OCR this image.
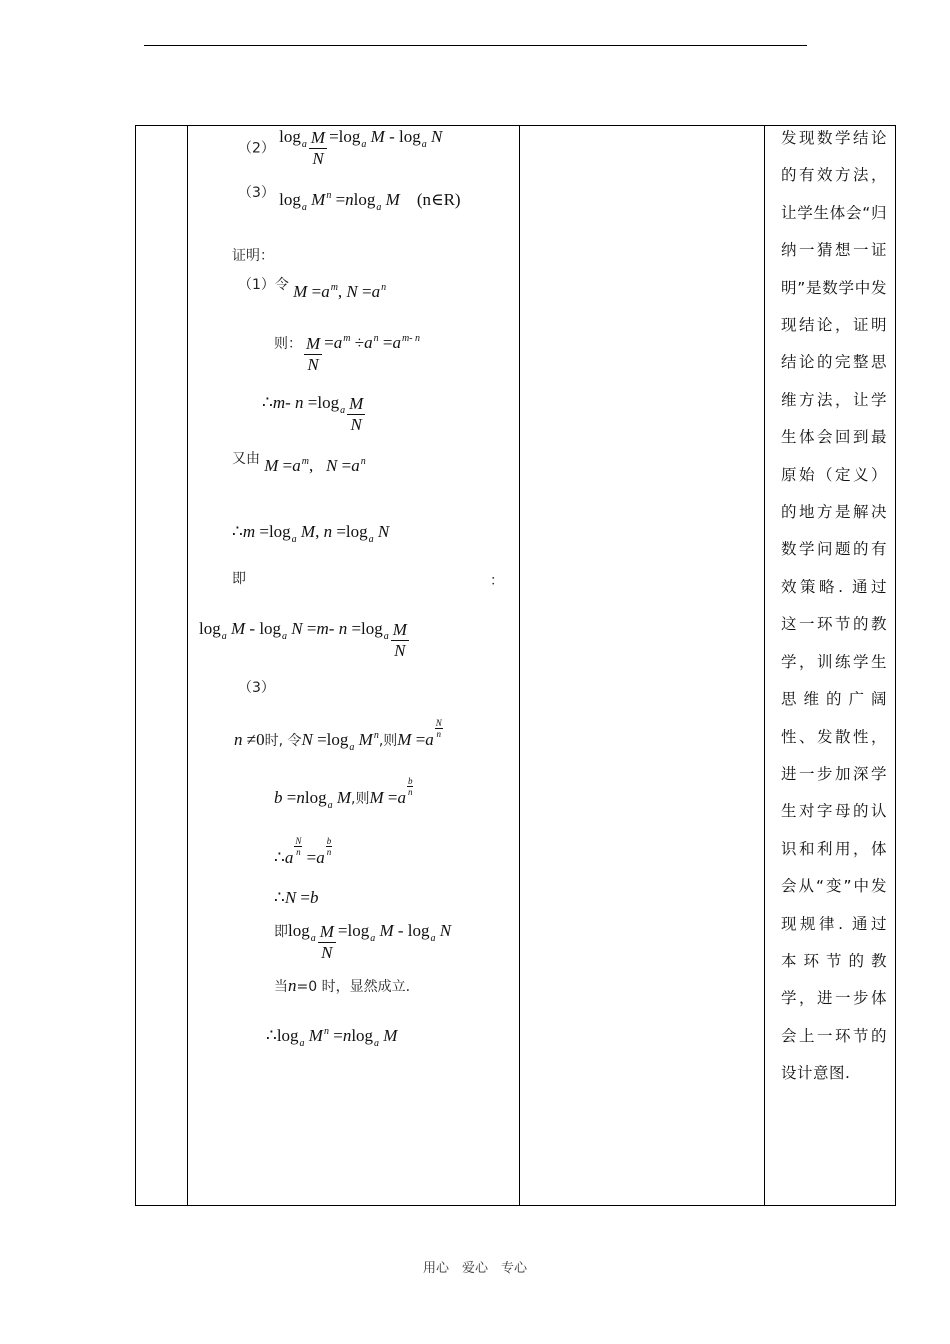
（2） $\log_a \frac{M}{N} =\log_a$ M - $\log_a N$
$^{(3)}$ $\log_a M^n =nlog_a$ M (n∈R)
证明：
$^{(1)令}$ $M =a^m$, $N =a^n$
$^{则:} \frac{M}{N} =a^m \div a^n =a^{m- n}$
∴m- $n =\log_a \frac{M}{N}$
$^{又由}$ $M =a^m$,   $N =a^n$
∴m $=\log_a$ M, $n =\log_a$ N
即	：
$\log_a M - \log_a N =m-$ $n =\log_a \frac{M}{N}$
（3）
n ≠0时, 令$N =\log_a$ $M^n$,则M =a
$\frac{N}{n}$
b =nlog$_a$ M,则M =a
$\frac{b}{n}$
∴a
$\frac{N}{n}$
=a
$\frac{b}{n}$
∴N =b
$^即\log_a \frac{M}{N} =\log_a$ M - $\log_a N$
当n=0 时，显然成立.
$\therefore\log_a$ $M^n =nlog_a$ M

发现数学结论的有效方法，让学生体会“归纳一猜想一证明”是数学中发现结论，证明结论的完整思维方法，让学生体会回到最原始（定义）的地方是解决数学问题的有效策略. 通过这一环节的教学，训练学生思维的广阔性、发散性，进一步加深学生对字母的认识和利用，体会从“变”中发现规律. 通过本环节的教学，进一步体会上一环节的设计意图.
用心　爱心　专心
